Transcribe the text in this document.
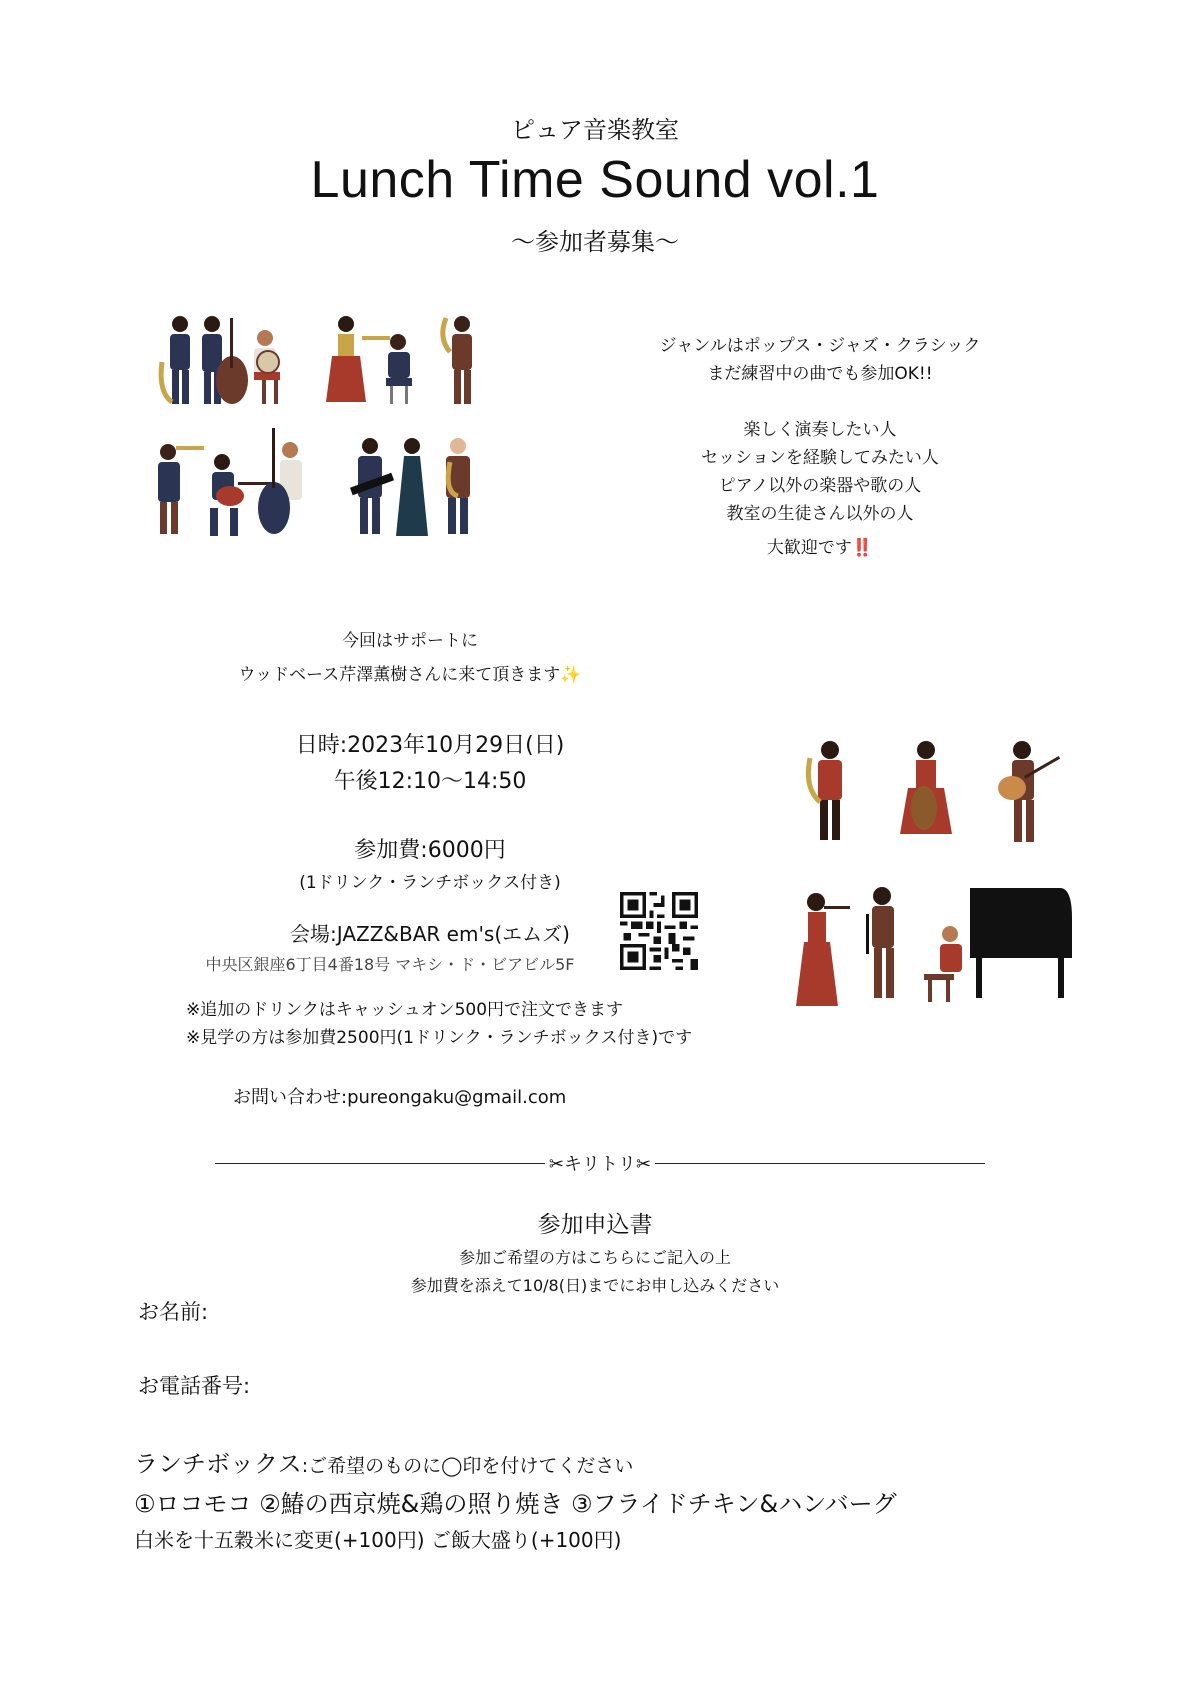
ピュア音楽教室
Lunch Time Sound vol.1
〜参加者募集〜
ジャンルはポップス・ジャズ・クラシック
まだ練習中の曲でも参加OK!!
楽しく演奏したい人
セッションを経験してみたい人
ピアノ以外の楽器や歌の人
教室の生徒さん以外の人
大歓迎です‼️
今回はサポートに
ウッドベース芹澤薫樹さんに来て頂きます✨
日時:2023年10月29日(日)
午後12:10〜14:50
参加費:6000円
(1ドリンク・ランチボックス付き)
会場:JAZZ&BAR em's(エムズ)
中央区銀座6丁目4番18号 マキシ・ド・ビアビル5F
※追加のドリンクはキャッシュオン500円で注文できます
※見学の方は参加費2500円(1ドリンク・ランチボックス付き)です
お問い合わせ:pureongaku@gmail.com
✂︎キリトリ✂︎
参加申込書
参加ご希望の方はこちらにご記入の上
参加費を添えて10/8(日)までにお申し込みください
お名前:
お電話番号:
ランチボックス:ご希望のものに◯印を付けてください
①ロコモコ ②鰆の西京焼&鶏の照り焼き ③フライドチキン&ハンバーグ
白米を十五穀米に変更(+100円) ご飯大盛り(+100円)
